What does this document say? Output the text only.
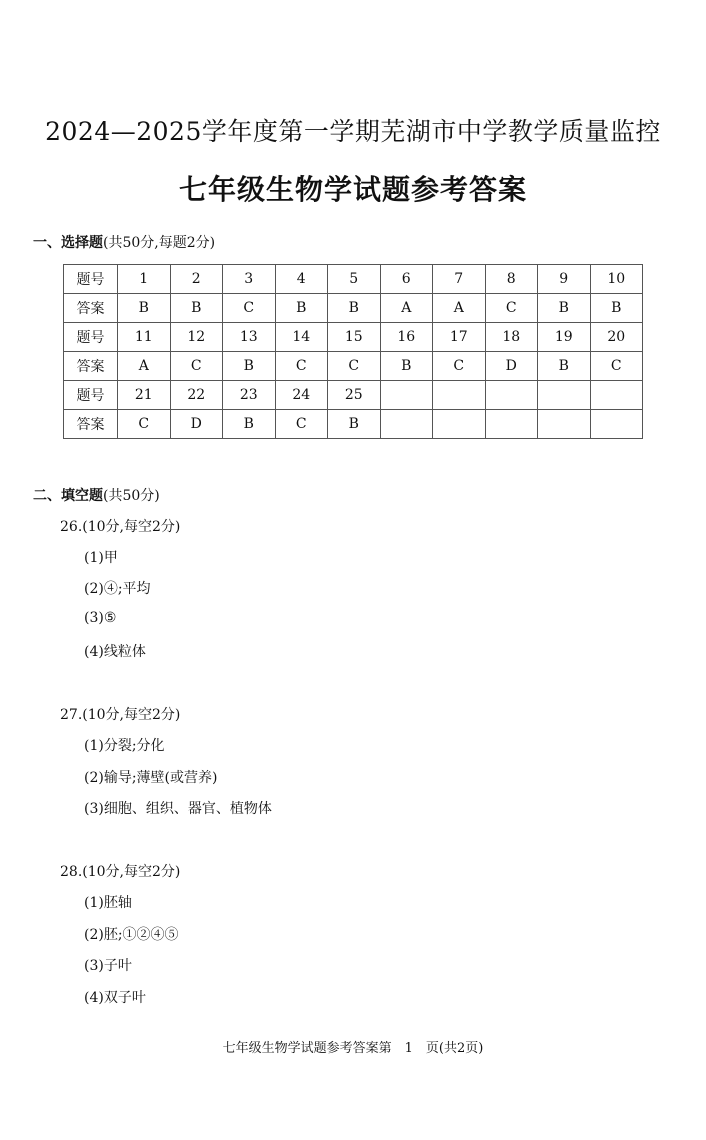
2024—2025学年度第一学期芜湖市中学教学质量监控
七年级生物学试题参考答案
一、选择题(共50分,每题2分)
题号	1	2	3	4	5	6	7	8	9	10
答案	B	B	C	B	B	A	A	C	B	B
题号	11	12	13	14	15	16	17	18	19	20
答案	A	C	B	C	C	B	C	D	B	C
题号	21	22	23	24	25					
答案	C	D	B	C	B					
二、填空题(共50分)
26.(10分,每空2分)
(1)甲
(2)④;平均
(3)⑤
(4)线粒体
27.(10分,每空2分)
(1)分裂;分化
(2)输导;薄壁(或营养)
(3)细胞、组织、器官、植物体
28.(10分,每空2分)
(1)胚轴
(2)胚;①②④⑤
(3)子叶
(4)双子叶
七年级生物学试题参考答案第　1　页(共2页)
